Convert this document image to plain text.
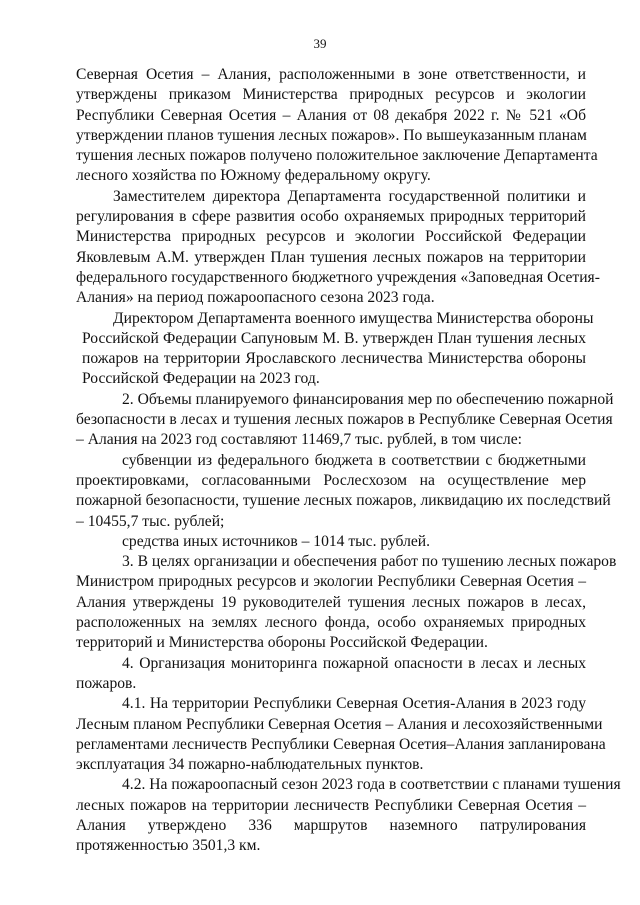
39
Северная Осетия – Алания, расположенными в зоне ответственности, и
утверждены приказом Министерства природных ресурсов и экологии
Республики Северная Осетия – Алания от 08 декабря 2022 г. № 521 «Об
утверждении планов тушения лесных пожаров». По вышеуказанным планам
тушения лесных пожаров получено положительное заключение Департамента
лесного хозяйства по Южному федеральному округу.
Заместителем директора Департамента государственной политики и
регулирования в сфере развития особо охраняемых природных территорий
Министерства природных ресурсов и экологии Российской Федерации
Яковлевым А.М. утвержден План тушения лесных пожаров на территории
федерального государственного бюджетного учреждения «Заповедная Осетия-
Алания» на период пожароопасного сезона 2023 года.
Директором Департамента военного имущества Министерства обороны
Российской Федерации Сапуновым М. В. утвержден План тушения лесных
пожаров на территории Ярославского лесничества Министерства обороны
Российской Федерации на 2023 год.
2. Объемы планируемого финансирования мер по обеспечению пожарной
безопасности в лесах и тушения лесных пожаров в Республике Северная Осетия
– Алания на 2023 год составляют 11469,7 тыс. рублей, в том числе:
субвенции из федерального бюджета в соответствии с бюджетными
проектировками, согласованными Рослесхозом на осуществление мер
пожарной безопасности, тушение лесных пожаров, ликвидацию их последствий
– 10455,7 тыс. рублей;
средства иных источников – 1014 тыс. рублей.
3. В целях организации и обеспечения работ по тушению лесных пожаров
Министром природных ресурсов и экологии Республики Северная Осетия –
Алания утверждены 19 руководителей тушения лесных пожаров в лесах,
расположенных на землях лесного фонда, особо охраняемых природных
территорий и Министерства обороны Российской Федерации.
4. Организация мониторинга пожарной опасности в лесах и лесных
пожаров.
4.1. На территории Республики Северная Осетия-Алания в 2023 году
Лесным планом Республики Северная Осетия – Алания и лесохозяйственными
регламентами лесничеств Республики Северная Осетия–Алания запланирована
эксплуатация 34 пожарно-наблюдательных пунктов.
4.2. На пожароопасный сезон 2023 года в соответствии с планами тушения
лесных пожаров на территории лесничеств Республики Северная Осетия –
Алания утверждено 336 маршрутов наземного патрулирования
протяженностью 3501,3 км.
